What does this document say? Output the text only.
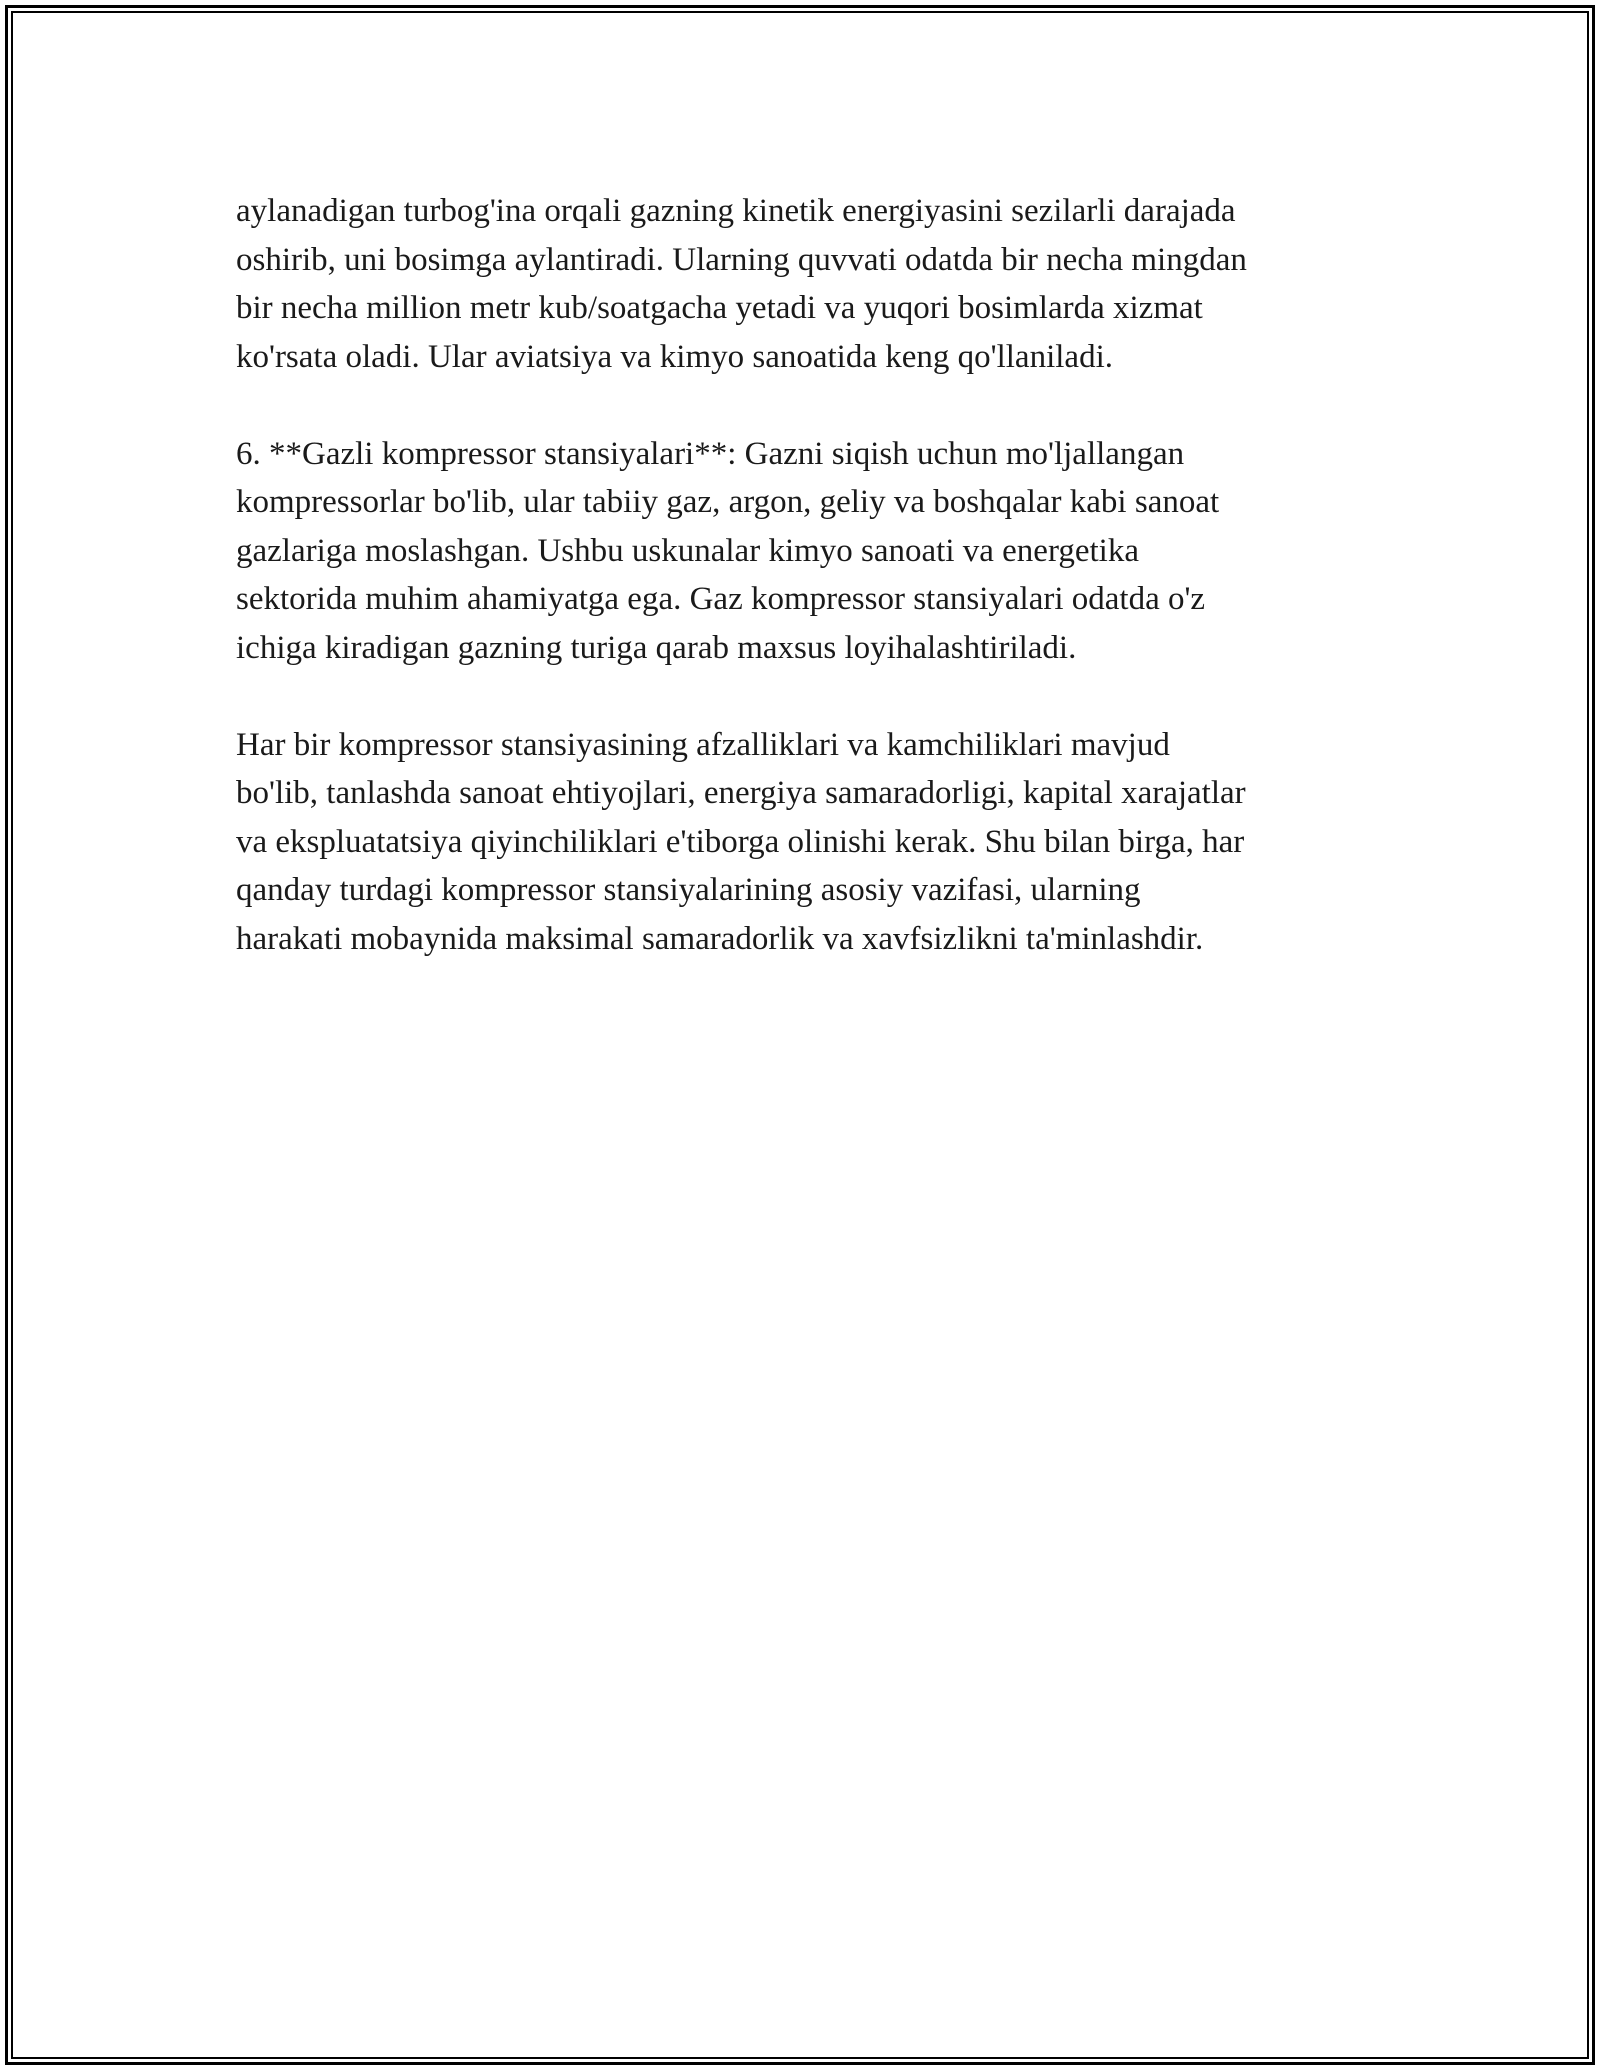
aylanadigan turbog'ina orqali gazning kinetik energiyasini sezilarli darajada
oshirib, uni bosimga aylantiradi. Ularning quvvati odatda bir necha mingdan
bir necha million metr kub/soatgacha yetadi va yuqori bosimlarda xizmat
ko'rsata oladi. Ular aviatsiya va kimyo sanoatida keng qo'llaniladi.

6. **Gazli kompressor stansiyalari**: Gazni siqish uchun mo'ljallangan
kompressorlar bo'lib, ular tabiiy gaz, argon, geliy va boshqalar kabi sanoat
gazlariga moslashgan. Ushbu uskunalar kimyo sanoati va energetika
sektorida muhim ahamiyatga ega. Gaz kompressor stansiyalari odatda o'z
ichiga kiradigan gazning turiga qarab maxsus loyihalashtiriladi.

Har bir kompressor stansiyasining afzalliklari va kamchiliklari mavjud
bo'lib, tanlashda sanoat ehtiyojlari, energiya samaradorligi, kapital xarajatlar
va ekspluatatsiya qiyinchiliklari e'tiborga olinishi kerak. Shu bilan birga, har
qanday turdagi kompressor stansiyalarining asosiy vazifasi, ularning
harakati mobaynida maksimal samaradorlik va xavfsizlikni ta'minlashdir.
